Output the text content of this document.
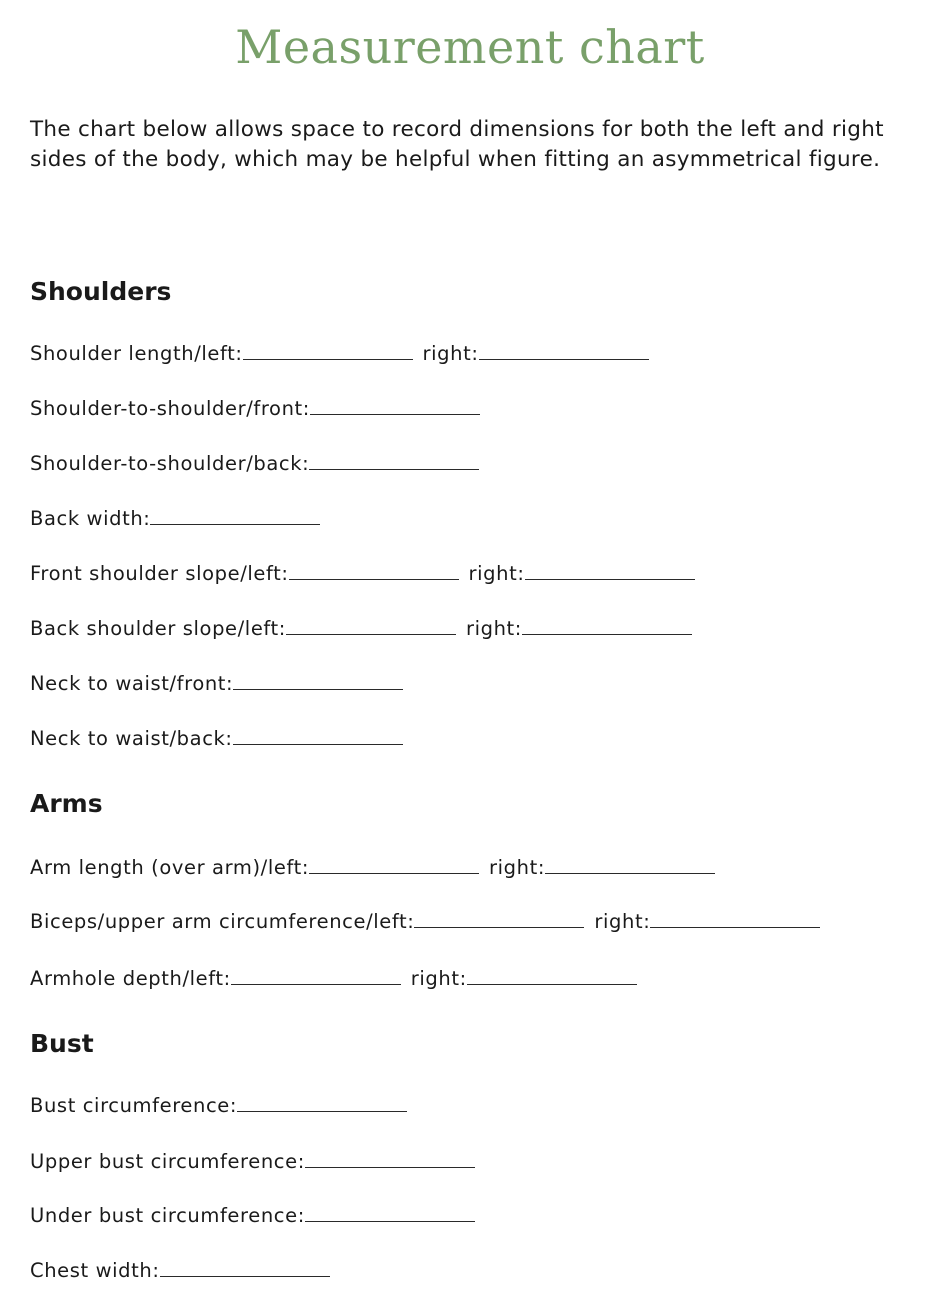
Measurement chart
The chart below allows space to record dimensions for both the left and right sides of the body, which may be helpful when fitting an asymmetrical figure.
Shoulders
Shoulder length/left:	right:
Shoulder-to-shoulder/front:
Shoulder-to-shoulder/back:
Back width:
Front shoulder slope/left:	right:
Back shoulder slope/left:	right:
Neck to waist/front:
Neck to waist/back:
Arms
Arm length (over arm)/left:	right:
Biceps/upper arm circumference/left:	right:
Armhole depth/left:	right:
Bust
Bust circumference:
Upper bust circumference:
Under bust circumference:
Chest width:
